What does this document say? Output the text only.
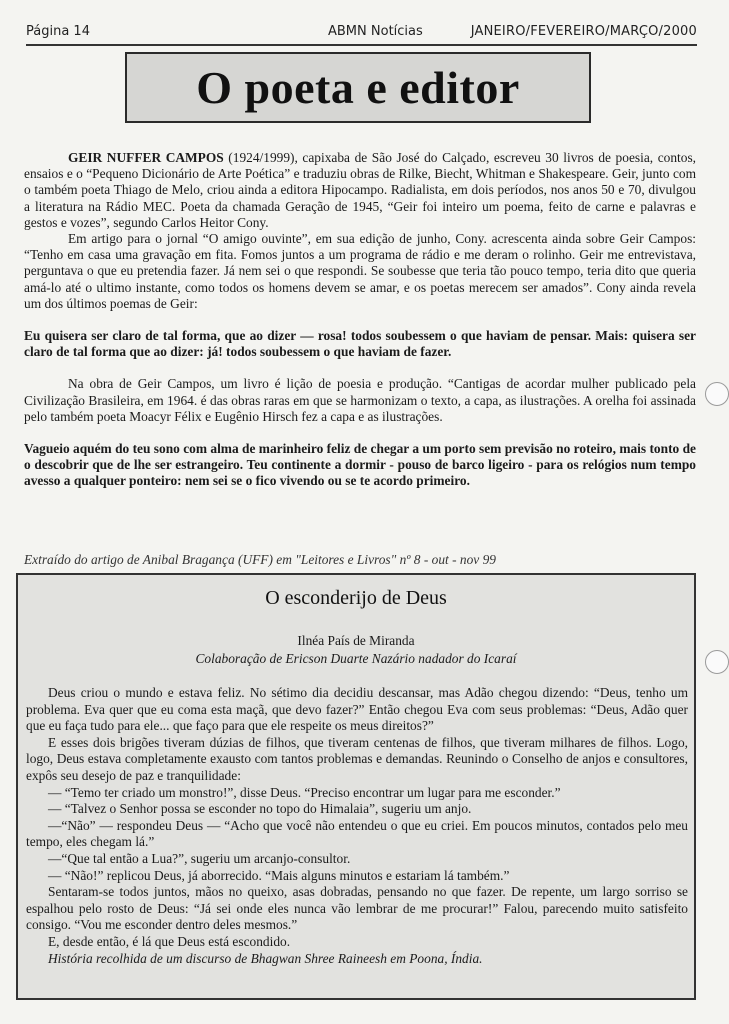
Página 14	ABMN Notícias	JANEIRO/FEVEREIRO/MARÇO/2000
O poeta e editor

GEIR NUFFER CAMPOS (1924/1999), capixaba de São José do Calçado, escreveu 30 livros de poesia, contos, ensaios e o “Pequeno Dicionário de Arte Poética” e traduziu obras de Rilke, Biecht, Whitman e Shakespeare. Geir, junto com o também poeta Thiago de Melo, criou ainda a editora Hipocampo. Radialista, em dois períodos, nos anos 50 e 70, divulgou a literatura na Rádio MEC. Poeta da chamada Geração de 1945, “Geir foi inteiro um poema, feito de carne e palavras e gestos e vozes”, segundo Carlos Heitor Cony.

Em artigo para o jornal “O amigo ouvinte”, em sua edição de junho, Cony. acrescenta ainda sobre Geir Campos: “Tenho em casa uma gravação em fita. Fomos juntos a um programa de rádio e me deram o rolinho. Geir me entrevistava, perguntava o que eu pretendia fazer. Já nem sei o que respondi. Se soubesse que teria tão pouco tempo, teria dito que queria amá-lo até o ultimo instante, como todos os homens devem se amar, e os poetas merecem ser amados”. Cony ainda revela um dos últimos poemas de Geir:

Eu quisera ser claro de tal forma, que ao dizer — rosa! todos soubessem o que haviam de pensar. Mais: quisera ser claro de tal forma que ao dizer: já! todos soubessem o que haviam de fazer.

Na obra de Geir Campos, um livro é lição de poesia e produção. “Cantigas de acordar mulher publicado pela Civilização Brasileira, em 1964. é das obras raras em que se harmonizam o texto, a capa, as ilustrações. A orelha foi assinada pelo também poeta Moacyr Félix e Eugênio Hirsch fez a capa e as ilustrações.

Vagueio aquém do teu sono com alma de marinheiro feliz de chegar a um porto sem previsão no roteiro, mais tonto de o descobrir que de lhe ser estrangeiro. Teu continente a dormir - pouso de barco ligeiro - para os relógios num tempo avesso a qualquer ponteiro: nem sei se o fico vivendo ou se te acordo primeiro.

Extraído do artigo de Anibal Bragança (UFF) em "Leitores e Livros" nº 8 - out - nov 99
O esconderijo de Deus
Ilnéa País de Miranda
Colaboração de Ericson Duarte Nazário nadador do Icaraí

Deus criou o mundo e estava feliz. No sétimo dia decidiu descansar, mas Adão chegou dizendo: “Deus, tenho um problema. Eva quer que eu coma esta maçã, que devo fazer?” Então chegou Eva com seus problemas: “Deus, Adão quer que eu faça tudo para ele... que faço para que ele respeite os meus direitos?”

E esses dois brigões tiveram dúzias de filhos, que tiveram centenas de filhos, que tiveram milhares de filhos. Logo, logo, Deus estava completamente exausto com tantos problemas e demandas. Reunindo o Conselho de anjos e consultores, expôs seu desejo de paz e tranquilidade:

— “Temo ter criado um monstro!”, disse Deus. “Preciso encontrar um lugar para me esconder.”

— “Talvez o Senhor possa se esconder no topo do Himalaia”, sugeriu um anjo.

—“Não” — respondeu Deus — “Acho que você não entendeu o que eu criei. Em poucos minutos, contados pelo meu tempo, eles chegam lá.”

—“Que tal então a Lua?”, sugeriu um arcanjo-consultor.

— “Não!” replicou Deus, já aborrecido. “Mais alguns minutos e estariam lá também.”

Sentaram-se todos juntos, mãos no queixo, asas dobradas, pensando no que fazer. De repente, um largo sorriso se espalhou pelo rosto de Deus: “Já sei onde eles nunca vão lembrar de me procurar!” Falou, parecendo muito satisfeito consigo. “Vou me esconder dentro deles mesmos.”

E, desde então, é lá que Deus está escondido.

História recolhida de um discurso de Bhagwan Shree Raineesh em Poona, Índia.
